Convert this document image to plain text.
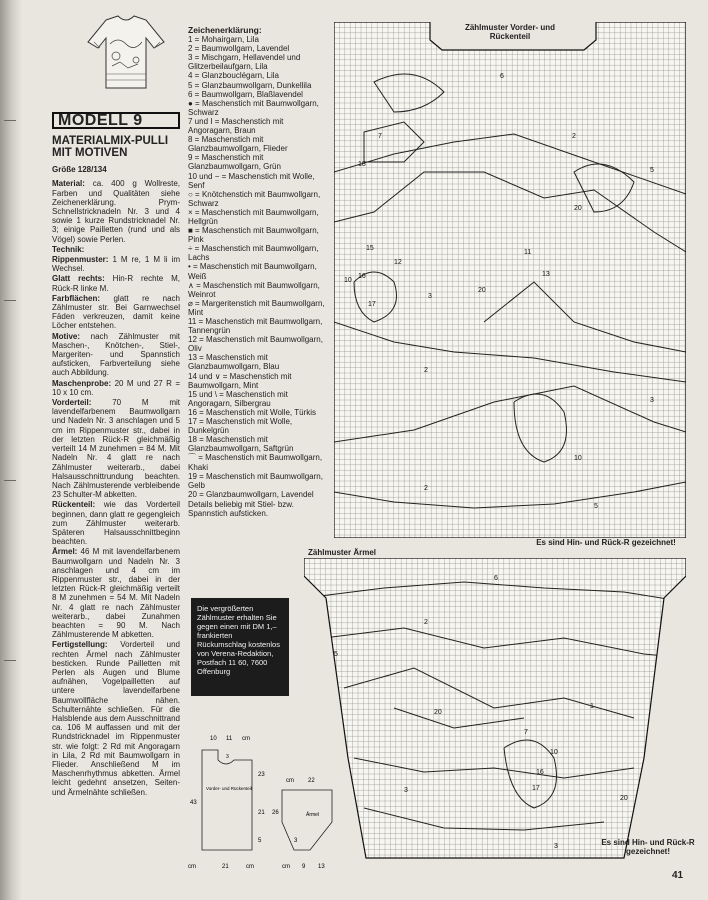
MODELL 9
MATERIALMIX-PULLI MIT MOTIVEN
Größe 128/134

Material: ca. 400 g Wollreste, Farben und Qualitäten siehe Zeichenerklärung. Prym-Schnellstricknadeln Nr. 3 und 4 sowie 1 kurze Rundstricknadel Nr. 3; einige Pailletten (rund und als Vögel) sowie Perlen.

Technik:

Rippenmuster: 1 M re, 1 M li im Wechsel.

Glatt rechts: Hin-R rechte M, Rück-R linke M.

Farbflächen: glatt re nach Zählmuster str. Bei Garnwechsel Fäden verkreuzen, damit keine Löcher entstehen.

Motive: nach Zählmuster mit Maschen-, Knötchen-, Stiel-, Margeriten- und Spannstich aufsticken, Farbverteilung siehe auch Abbildung.

Maschenprobe: 20 M und 27 R = 10 x 10 cm.

Vorderteil: 70 M mit lavendelfarbenem Baumwollgarn und Nadeln Nr. 3 anschlagen und 5 cm im Rippenmuster str., dabei in der letzten Rück-R gleichmäßig verteilt 14 M zunehmen = 84 M. Mit Nadeln Nr. 4 glatt re nach Zählmuster weiterarb., dabei Halsausschnittrundung beachten. Nach Zählmusterende verbleibende 23 Schulter-M abketten.

Rückenteil: wie das Vorderteil beginnen, dann glatt re gegengleich zum Zählmuster weiterarb. Späteren Halsausschnittbeginn beachten.

Ärmel: 46 M mit lavendelfarbenem Baumwollgarn und Nadeln Nr. 3 anschlagen und 4 cm im Rippenmuster str., dabei in der letzten Rück-R gleichmäßig verteilt 8 M zunehmen = 54 M. Mit Nadeln Nr. 4 glatt re nach Zählmuster weiterarb., dabei Zunahmen beachten = 90 M. Nach Zählmusterende M abketten.

Fertigstellung: Vorderteil und rechten Ärmel nach Zählmuster besticken. Runde Pailletten mit Perlen als Augen und Blume aufnähen, Vogelpailletten auf untere lavendelfarbene Baumwollfläche nähen. Schulternähte schließen. Für die Halsblende aus dem Ausschnittrand ca. 106 M auffassen und mit der Rundstricknadel im Rippenmuster str. wie folgt: 2 Rd mit Angoragarn in Lila, 2 Rd mit Baumwollgarn in Flieder. Anschließend M im Maschenrhythmus abketten. Ärmel leicht gedehnt ansetzen, Seiten- und Ärmelnähte schließen.

Zeichenerklärung:
1 = Mohairgarn, Lila
2 = Baumwollgarn, Lavendel
3 = Mischgarn, Hellavendel und Glitzerbeilaufgarn, Lila
4 = Glanzbouclégarn, Lila
5 = Glanzbaumwollgarn, Dunkellila
6 = Baumwollgarn, Blaßlavendel
● = Maschenstich mit Baumwollgarn, Schwarz
7 und I = Maschenstich mit Angoragarn, Braun
8 = Maschenstich mit Glanzbaumwollgarn, Flieder
9 = Maschenstich mit Glanzbaumwollgarn, Grün
10 und − = Maschenstich mit Wolle, Senf
○ = Knötchenstich mit Baumwollgarn, Schwarz
× = Maschenstich mit Baumwollgarn, Hellgrün
■ = Maschenstich mit Baumwollgarn, Pink
÷ = Maschenstich mit Baumwollgarn, Lachs
• = Maschenstich mit Baumwollgarn, Weiß
∧ = Maschenstich mit Baumwollgarn, Weinrot
⌀ = Margeritenstich mit Baumwollgarn, Mint
11 = Maschenstich mit Baumwollgarn, Tannengrün
12 = Maschenstich mit Baumwollgarn, Oliv
13 = Maschenstich mit Glanzbaumwollgarn, Blau
14 und ∨ = Maschenstich mit Baumwollgarn, Mint
15 und \ = Maschenstich mit Angoragarn, Silbergrau
16 = Maschenstich mit Wolle, Türkis
17 = Maschenstich mit Wolle, Dunkelgrün
18 = Maschenstich mit Glanzbaumwollgarn, Saftgrün
⌒ = Maschenstich mit Baumwollgarn, Khaki
19 = Maschenstich mit Baumwollgarn, Gelb
20 = Glanzbaumwollgarn, Lavendel
Details beliebig mit Stiel- bzw. Spannstich aufsticken.
6
2
5
7
18
20
15
16
12
17
10
3
20
2
3
10
2
5
13
11
Zählmuster Vorder- und Rückenteil
Es sind Hin- und Rück-R gezeichnet!
Zählmuster Ärmel
6
2
5
20
3
16
17
10
20
1
7
3	Es sind Hin- und Rück-R gezeichnet!
Die vergrößerten Zählmuster erhalten Sie gegen einen mit DM 1,– frankierten Rückumschlag kostenlos von Verena-Redaktion, Postfach 11 60, 7600 Offenburg
10 11 cm
23
21
5
43
Vorder- und Rückenteil
cm	21	cm
3
cm 22
26	Ärmel
3
cm 9 13
41
